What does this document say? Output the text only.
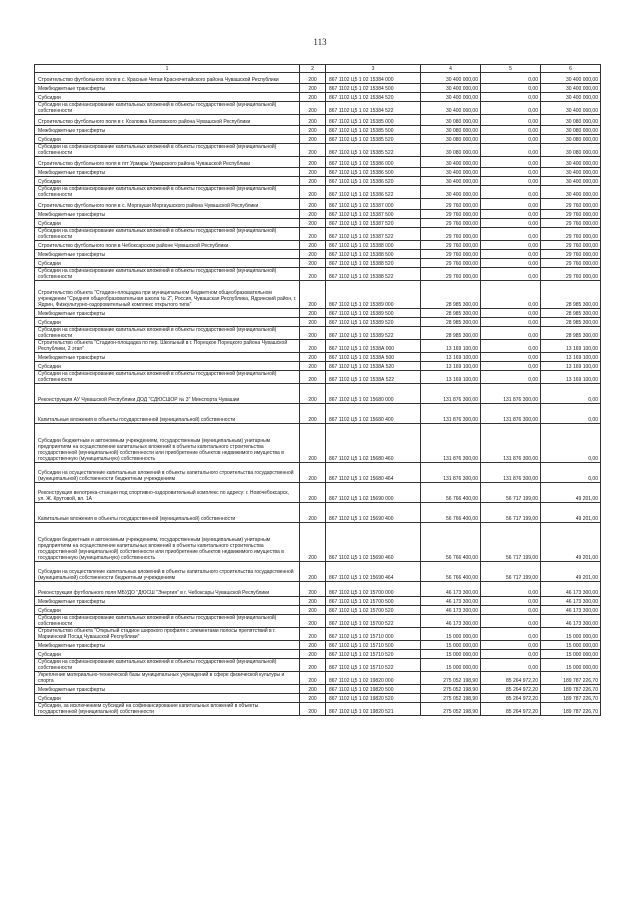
113
1	2	3	4	5	6
Строительство футбольного поля в с. Красные Четаи Красночетайского района Чувашской Республики	200	867 1102 Ц5 1 02 15384 000	30 400 000,00	0,00	30 400 000,00
Межбюджетные трансферты	200	867 1102 Ц5 1 02 15384 500	30 400 000,00	0,00	30 400 000,00
Субсидии	200	867 1102 Ц5 1 02 15384 520	30 400 000,00	0,00	30 400 000,00
Субсидии на софинансирование капитальных вложений в объекты государственной (муниципальной) собственности	200	867 1102 Ц5 1 02 15384 522	30 400 000,00	0,00	30 400 000,00
Строительство футбольного поля в г. Козловка Козловского района Чувашской Республики	200	867 1102 Ц5 1 02 15385 000	30 080 000,00	0,00	30 080 000,00
Межбюджетные трансферты	200	867 1102 Ц5 1 02 15385 500	30 080 000,00	0,00	30 080 000,00
Субсидии	200	867 1102 Ц5 1 02 15385 520	30 080 000,00	0,00	30 080 000,00
Субсидии на софинансирование капитальных вложений в объекты государственной (муниципальной) собственности	200	867 1102 Ц5 1 02 15385 522	30 080 000,00	0,00	30 080 000,00
Строительство футбольного поля в пгт Урмары Урмарского района Чувашской Республики	200	867 1102 Ц5 1 02 15386 000	30 400 000,00	0,00	30 400 000,00
Межбюджетные трансферты	200	867 1102 Ц5 1 02 15386 500	30 400 000,00	0,00	30 400 000,00
Субсидии	200	867 1102 Ц5 1 02 15386 520	30 400 000,00	0,00	30 400 000,00
Субсидии на софинансирование капитальных вложений в объекты государственной (муниципальной) собственности	200	867 1102 Ц5 1 02 15386 522	30 400 000,00	0,00	30 400 000,00
Строительство футбольного поля в с. Моргауши Моргаушского района Чувашской Республики	200	867 1102 Ц5 1 02 15387 000	29 760 000,00	0,00	29 760 000,00
Межбюджетные трансферты	200	867 1102 Ц5 1 02 15387 500	29 760 000,00	0,00	29 760 000,00
Субсидии	200	867 1102 Ц5 1 02 15387 520	29 760 000,00	0,00	29 760 000,00
Субсидии на софинансирование капитальных вложений в объекты государственной (муниципальной) собственности	200	867 1102 Ц5 1 02 15387 522	29 760 000,00	0,00	29 760 000,00
Строительство футбольного поля в Чебоксарском районе Чувашской Республики	200	867 1102 Ц5 1 02 15388 000	29 760 000,00	0,00	29 760 000,00
Межбюджетные трансферты	200	867 1102 Ц5 1 02 15388 500	29 760 000,00	0,00	29 760 000,00
Субсидии	200	867 1102 Ц5 1 02 15388 520	29 760 000,00	0,00	29 760 000,00
Субсидии на софинансирование капитальных вложений в объекты государственной (муниципальной) собственности	200	867 1102 Ц5 1 02 15388 522	29 760 000,00	0,00	29 760 000,00
Строительство объекта "Стадион-площадка при муниципальном бюджетном общеобразовательном учреждении "Средняя общеобразовательная школа № 2", Россия, Чувашская Республика, Ядринский район, г. Ядрин, Физкультурно-оздоровительный комплекс открытого типа"	200	867 1102 Ц5 1 02 15389 000	28 985 300,00	0,00	28 985 300,00
Межбюджетные трансферты	200	867 1102 Ц5 1 02 15389 500	28 985 300,00	0,00	28 985 300,00
Субсидии	200	867 1102 Ц5 1 02 15389 520	28 985 300,00	0,00	28 985 300,00
Субсидии на софинансирование капитальных вложений в объекты государственной (муниципальной) собственности	200	867 1102 Ц5 1 02 15389 522	28 985 300,00	0,00	28 985 300,00
Строительство объекта "Стадион-площадка по пер. Школьный в г. Порецкое Порецкого района Чувашской Республики, 2 этап"	200	867 1102 Ц5 1 02 1538А 000	13 169 100,00	0,00	13 169 100,00
Межбюджетные трансферты	200	867 1102 Ц5 1 02 1538А 500	13 169 100,00	0,00	13 169 100,00
Субсидии	200	867 1102 Ц5 1 02 1538А 520	13 169 100,00	0,00	13 169 100,00
Субсидии на софинансирование капитальных вложений в объекты государственной (муниципальной) собственности	200	867 1102 Ц5 1 02 1538А 522	13 169 100,00	0,00	13 169 100,00
Реконструкция АУ Чувашской Республики ДОД "СДЮСШОР № 3" Минспорта Чувашии	200	867 1102 Ц5 1 02 15680 000	131 876 300,00	131 876 300,00	0,00
Капитальные вложения в объекты государственной (муниципальной) собственности	200	867 1102 Ц5 1 02 15680 400	131 876 300,00	131 876 300,00	0,00
Субсидии бюджетным и автономным учреждениям, государственным (муниципальным) унитарным предприятиям на осуществление капитальных вложений в объекты капитального строительства государственной (муниципальной) собственности или приобретение объектов недвижимого имущества в государственную (муниципальную) собственность	200	867 1102 Ц5 1 02 15680 460	131 876 300,00	131 876 300,00	0,00
Субсидии на осуществление капитальных вложений в объекты капитального строительства государственной (муниципальной) собственности бюджетным учреждениям	200	867 1102 Ц5 1 02 15680 464	131 876 300,00	131 876 300,00	0,00
Реконструкция велотрека-станции под спортивно-оздоровительный комплекс по адресу: г. Новочебоксарск, ул. Ж. Крутовой, вл. 1А	200	867 1102 Ц5 1 02 15690 000	56 766 400,00	56 717 199,00	49 201,00
Капитальные вложения в объекты государственной (муниципальной) собственности	200	867 1102 Ц5 1 02 15690 400	56 766 400,00	56 717 199,00	49 201,00
Субсидии бюджетным и автономным учреждениям, государственным (муниципальным) унитарным предприятиям на осуществление капитальных вложений в объекты капитального строительства государственной (муниципальной) собственности или приобретение объектов недвижимого имущества в государственную (муниципальную) собственность	200	867 1102 Ц5 1 02 15690 460	56 766 400,00	56 717 199,00	49 201,00
Субсидии на осуществление капитальных вложений в объекты капитального строительства государственной (муниципальной) собственности бюджетным учреждениям	200	867 1102 Ц5 1 02 15690 464	56 766 400,00	56 717 199,00	49 201,00
Реконструкция футбольного поля МБУДО "ДЮСШ "Энергия" в г. Чебоксары Чувашской Республики	200	867 1102 Ц5 1 02 15700 000	46 173 300,00	0,00	46 173 300,00
Межбюджетные трансферты	200	867 1102 Ц5 1 02 15700 500	46 173 300,00	0,00	46 173 300,00
Субсидии	200	867 1102 Ц5 1 02 15700 520	46 173 300,00	0,00	46 173 300,00
Субсидии на софинансирование капитальных вложений в объекты государственной (муниципальной) собственности	200	867 1102 Ц5 1 02 15700 522	46 173 300,00	0,00	46 173 300,00
Строительство объекта "Открытый стадион широкого профиля с элементами полосы препятствий в г. Мариинский Посад Чувашской Республики"	200	867 1102 Ц5 1 02 15710 000	15 000 000,00	0,00	15 000 000,00
Межбюджетные трансферты	200	867 1102 Ц5 1 02 15710 500	15 000 000,00	0,00	15 000 000,00
Субсидии	200	867 1102 Ц5 1 02 15710 520	15 000 000,00	0,00	15 000 000,00
Субсидии на софинансирование капитальных вложений в объекты государственной (муниципальной) собственности	200	867 1102 Ц5 1 02 15710 522	15 000 000,00	0,00	15 000 000,00
Укрепление материально-технической базы муниципальных учреждений в сфере физической культуры и спорта	200	867 1102 Ц5 1 02 19820 000	275 052 198,90	85 264 972,20	189 787 226,70
Межбюджетные трансферты	200	867 1102 Ц5 1 02 19820 500	275 052 198,90	85 264 972,20	189 787 226,70
Субсидии	200	867 1102 Ц5 1 02 19820 520	275 052 198,90	85 264 972,20	189 787 226,70
Субсидии, за исключением субсидий на софинансирование капитальных вложений в объекты государственной (муниципальной) собственности	200	867 1102 Ц5 1 02 19820 521	275 052 198,90	85 264 972,20	189 787 226,70
